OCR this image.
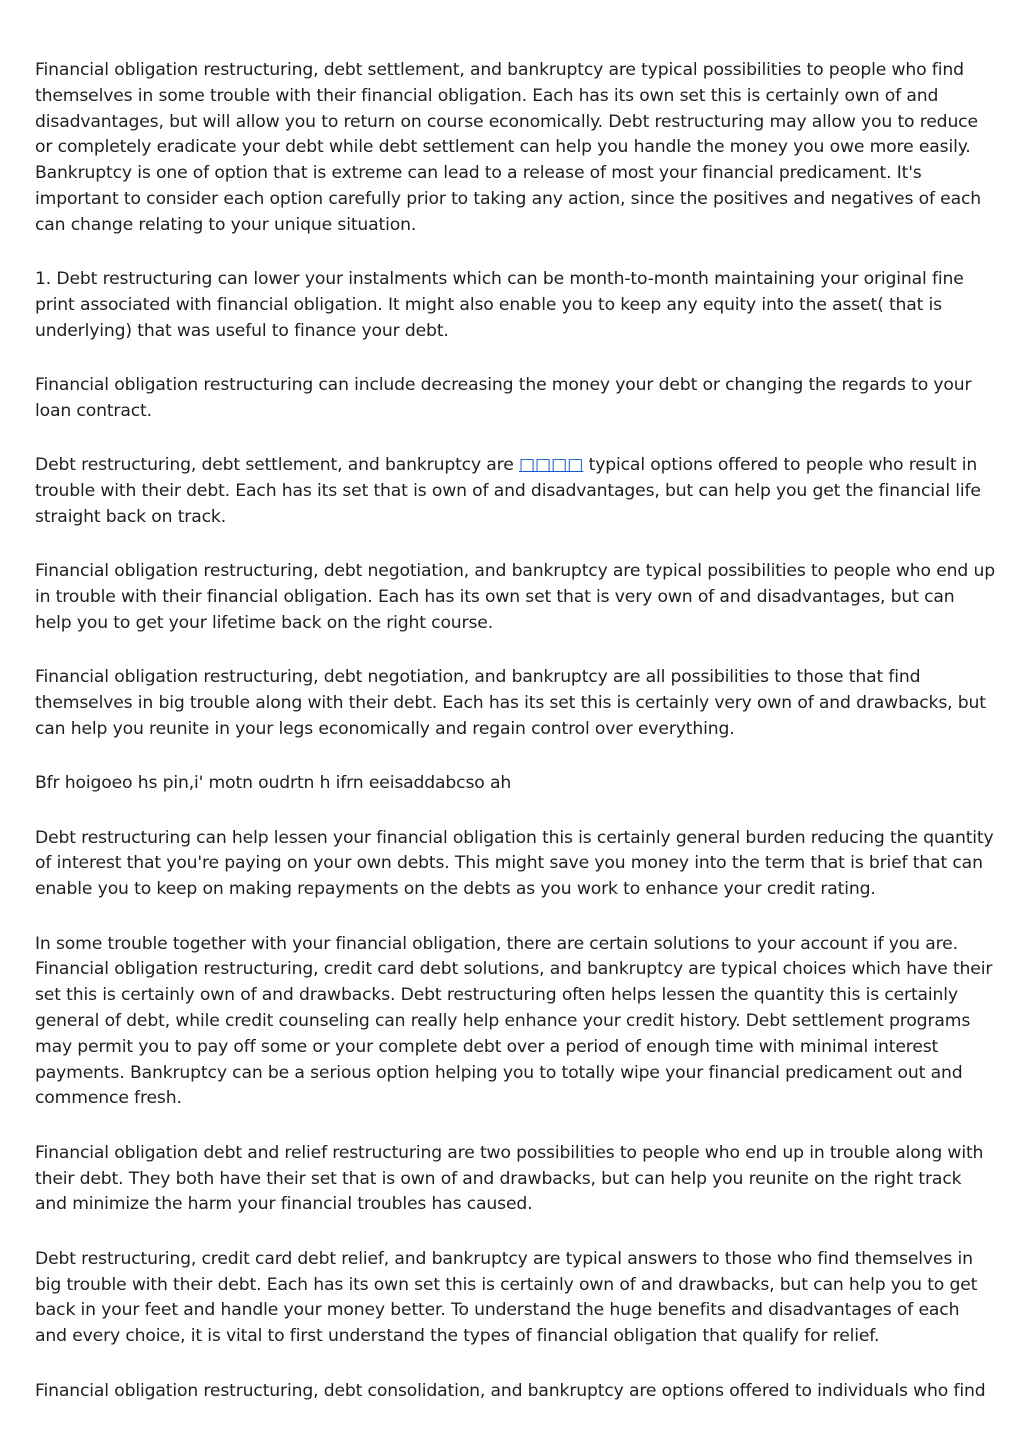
Financial obligation restructuring, debt settlement, and bankruptcy are typical possibilities to people who find themselves in some trouble with their financial obligation. Each has its own set this is certainly own of and disadvantages, but will allow you to return on course economically. Debt restructuring may allow you to reduce or completely eradicate your debt while debt settlement can help you handle the money you owe more easily. Bankruptcy is one of option that is extreme can lead to a release of most your financial predicament. It's important to consider each option carefully prior to taking any action, since the positives and negatives of each can change relating to your unique situation.

1. Debt restructuring can lower your instalments which can be month-to-month maintaining your original fine print associated with financial obligation. It might also enable you to keep any equity into the asset( that is underlying) that was useful to finance your debt.

Financial obligation restructuring can include decreasing the money your debt or changing the regards to your loan contract.

Debt restructuring, debt settlement, and bankruptcy are □□□□ typical options offered to people who result in trouble with their debt. Each has its set that is own of and disadvantages, but can help you get the financial life straight back on track.

Financial obligation restructuring, debt negotiation, and bankruptcy are typical possibilities to people who end up in trouble with their financial obligation. Each has its own set that is very own of and disadvantages, but can help you to get your lifetime back on the right course.

Financial obligation restructuring, debt negotiation, and bankruptcy are all possibilities to those that find themselves in big trouble along with their debt. Each has its set this is certainly very own of and drawbacks, but can help you reunite in your legs economically and regain control over everything.

Bfr hoigoeo hs pin,i' motn oudrtn h ifrn eeisaddabcso ah

Debt restructuring can help lessen your financial obligation this is certainly general burden reducing the quantity of interest that you're paying on your own debts. This might save you money into the term that is brief that can enable you to keep on making repayments on the debts as you work to enhance your credit rating.

In some trouble together with your financial obligation, there are certain solutions to your account if you are. Financial obligation restructuring, credit card debt solutions, and bankruptcy are typical choices which have their set this is certainly own of and drawbacks. Debt restructuring often helps lessen the quantity this is certainly general of debt, while credit counseling can really help enhance your credit history. Debt settlement programs may permit you to pay off some or your complete debt over a period of enough time with minimal interest payments. Bankruptcy can be a serious option helping you to totally wipe your financial predicament out and commence fresh.

Financial obligation debt and relief restructuring are two possibilities to people who end up in trouble along with their debt. They both have their set that is own of and drawbacks, but can help you reunite on the right track and minimize the harm your financial troubles has caused.

Debt restructuring, credit card debt relief, and bankruptcy are typical answers to those who find themselves in big trouble with their debt. Each has its own set this is certainly own of and drawbacks, but can help you to get back in your feet and handle your money better. To understand the huge benefits and disadvantages of each and every choice, it is vital to first understand the types of financial obligation that qualify for relief.

Financial obligation restructuring, debt consolidation, and bankruptcy are options offered to individuals who find
